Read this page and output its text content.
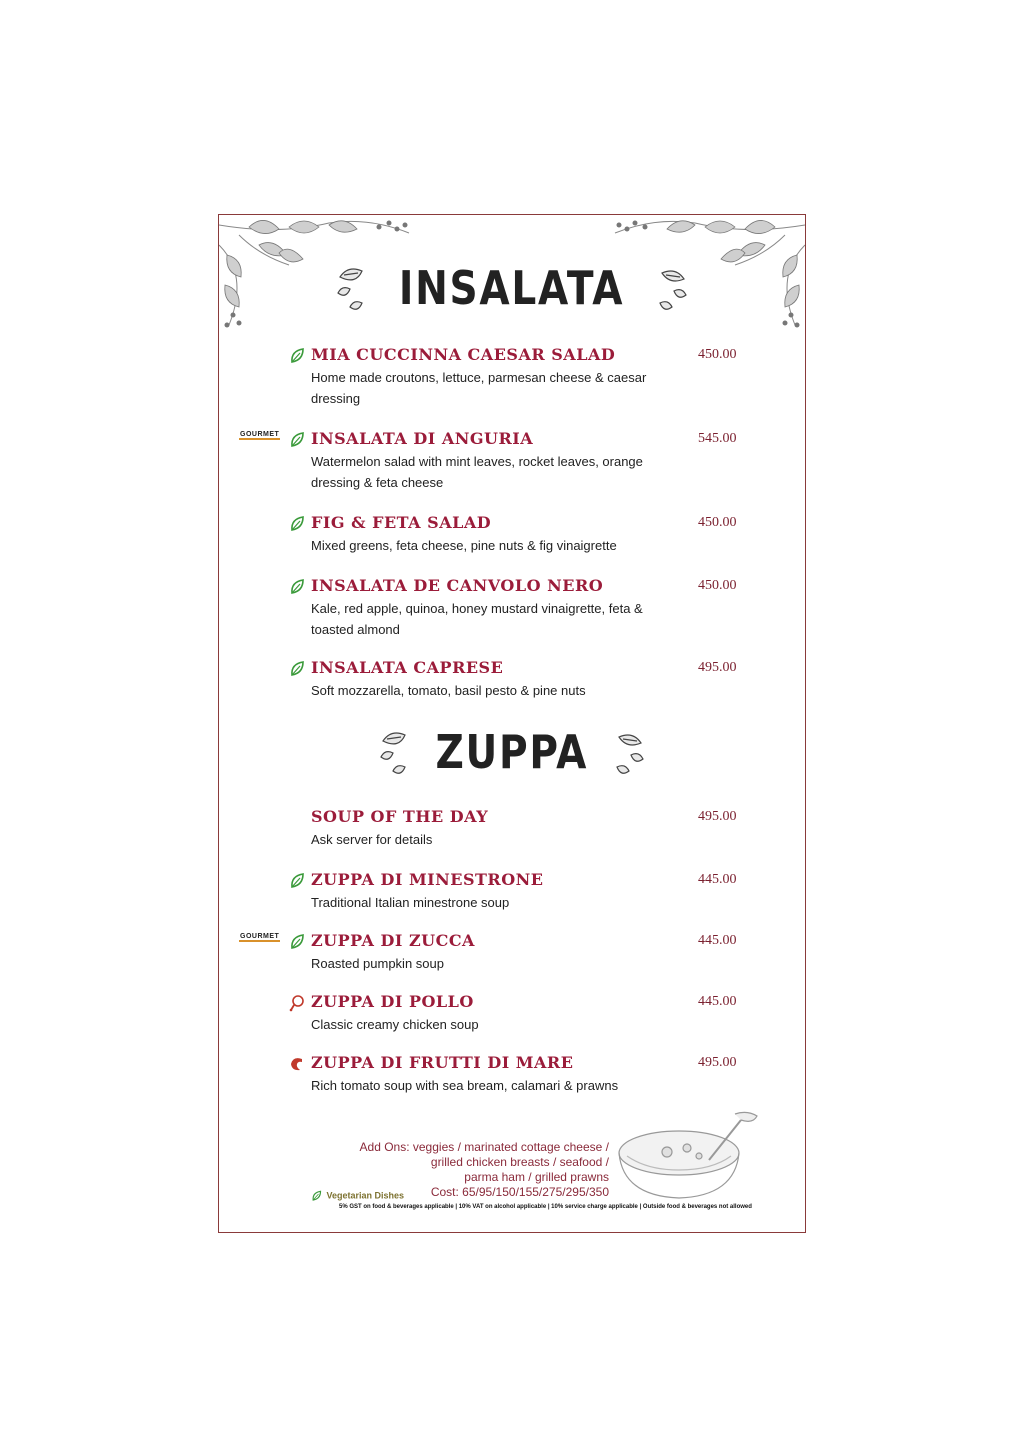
INSALATA
MIA CUCCINNA CAESAR SALAD	450.00
Home made croutons, lettuce, parmesan cheese & caesar dressing
GOURMET INSALATA DI ANGURIA	545.00
Watermelon salad with mint leaves, rocket leaves, orange dressing & feta cheese
FIG & FETA SALAD	450.00
Mixed greens, feta cheese, pine nuts & fig vinaigrette
INSALATA DE CANVOLO NERO	450.00
Kale, red apple, quinoa, honey mustard vinaigrette, feta & toasted almond
INSALATA CAPRESE	495.00
Soft mozzarella, tomato, basil pesto & pine nuts
ZUPPA
SOUP OF THE DAY	495.00
Ask server for details
ZUPPA DI MINESTRONE	445.00
Traditional Italian minestrone soup
GOURMET ZUPPA DI ZUCCA	445.00
Roasted pumpkin soup
ZUPPA DI POLLO	445.00
Classic creamy chicken soup
ZUPPA DI FRUTTI DI MARE	495.00
Rich tomato soup with sea bream, calamari & prawns
Add Ons: veggies / marinated cottage cheese /
grilled chicken breasts / seafood /
parma ham / grilled prawns
Cost: 65/95/150/155/275/295/350
Vegetarian Dishes
5% GST on food & beverages applicable | 10% VAT on alcohol applicable | 10% service charge applicable | Outside food & beverages not allowed
